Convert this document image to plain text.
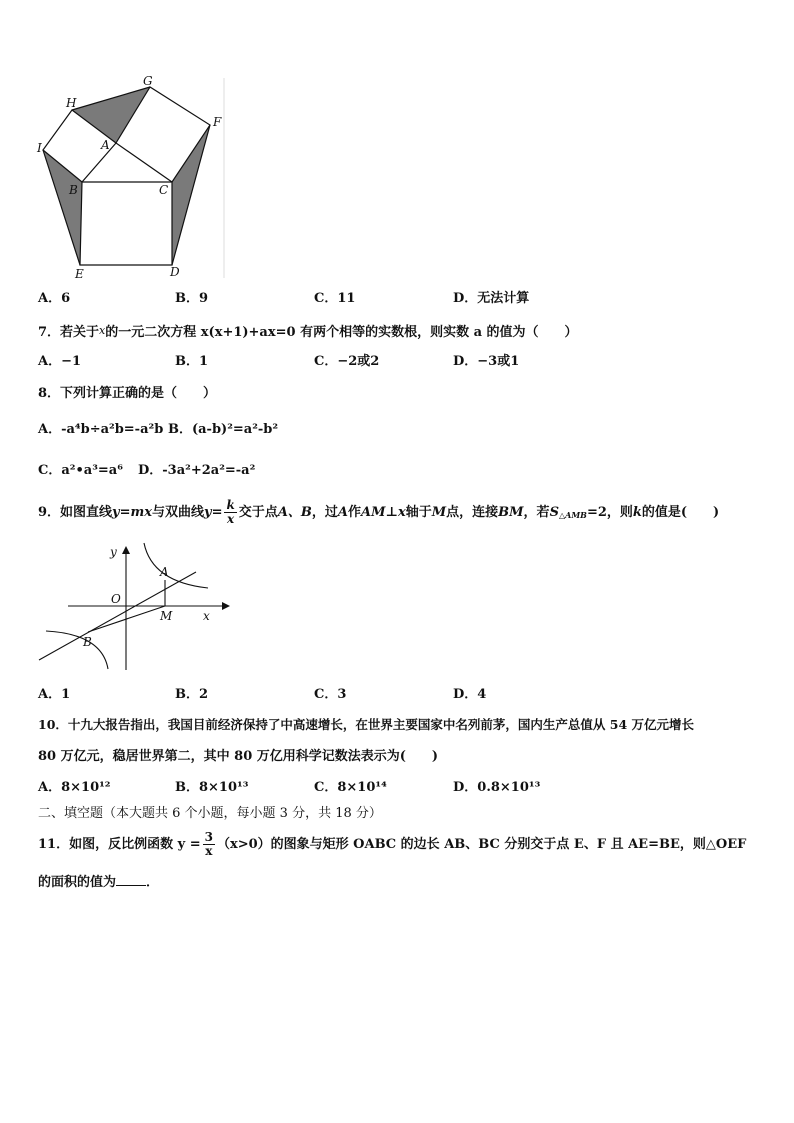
G
H
F
I	A
B	C
E	D
A．6	B．9	C．11	D．无法计算
7．若关于x的一元二次方程 x(x+1)+ax=0 有两个相等的实数根，则实数 a 的值为（　　）
A．−1	B．1	C．−2或2	D．−3或1
8．下列计算正确的是（　　）
A．-a⁴b÷a²b=-a²b B．(a-b)²=a²-b²
C．a²•a³=a⁶ D．-3a²+2a²=-a²
9．如图直线y=mx与双曲线$y= \frac{k}{x}$ 交于点A、B，过A作AM⊥x轴于M点，连接BM，若$S_{\triangle AMB}=2$，则k的值是(　　)
y
A
O
M	x
B
A．1	B．2	C．3	D．4
10．十九大报告指出，我国目前经济保持了中高速增长，在世界主要国家中名列前茅，国内生产总值从 54 万亿元增长
80 万亿元，稳居世界第二，其中 80 万亿用科学记数法表示为(　　)
A．8×10¹²	B．8×10¹³	C．8×10¹⁴	D．0.8×10¹³
二、填空题（本大题共 6 个小题，每小题 3 分，共 18 分）
11．如图，反比例函数 $y = \frac{3}{x} (x>0)$的图象与矩形 OABC 的边长 AB、BC 分别交于点 E、F 且 AE=BE，则△OEF
的面积的值为 ．
